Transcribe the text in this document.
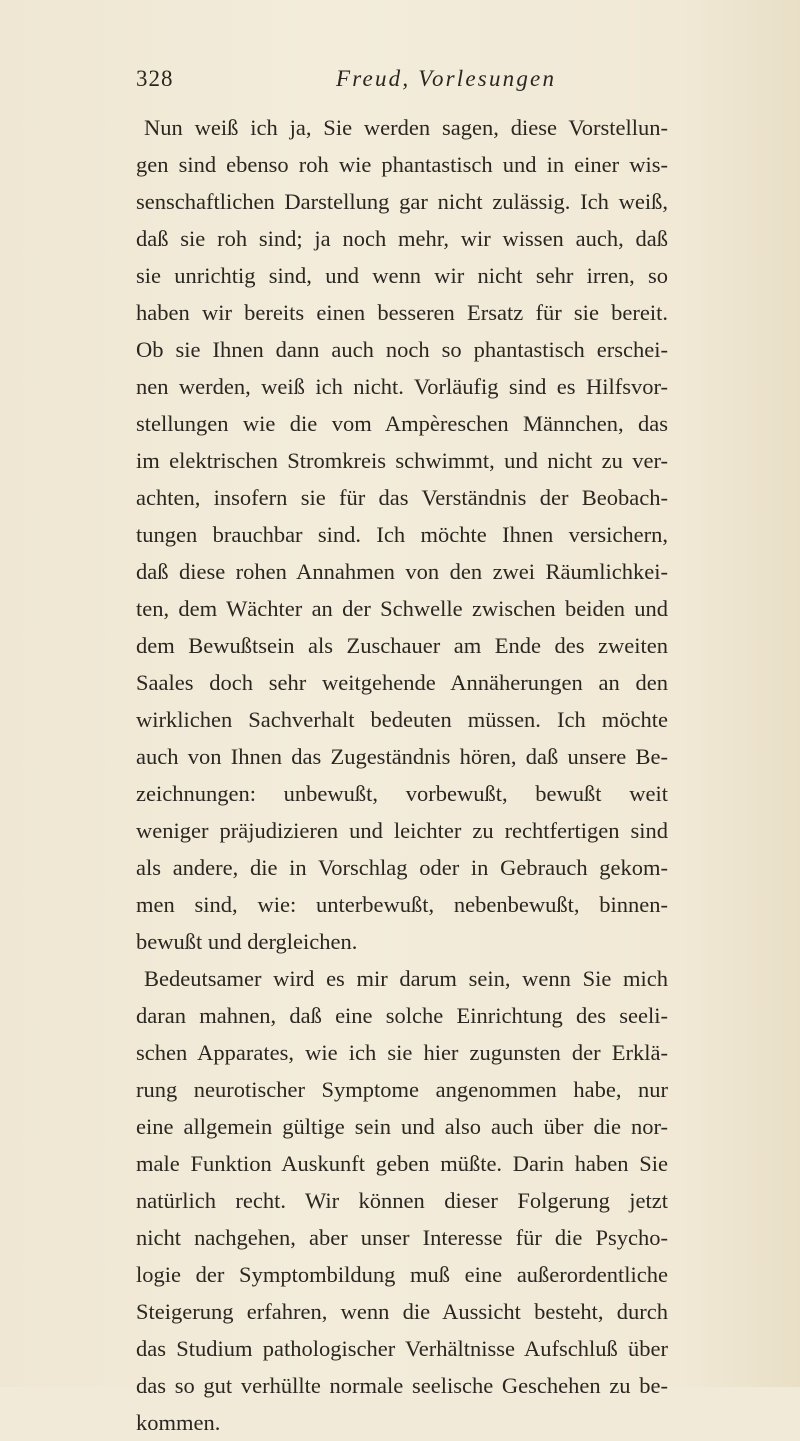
328	Freud, Vorlesungen
Nun weiß ich ja, Sie werden sagen, diese Vorstellun-
gen sind ebenso roh wie phantastisch und in einer wis-
senschaftlichen Darstellung gar nicht zulässig. Ich weiß,
daß sie roh sind; ja noch mehr, wir wissen auch, daß
sie unrichtig sind, und wenn wir nicht sehr irren, so
haben wir bereits einen besseren Ersatz für sie bereit.
Ob sie Ihnen dann auch noch so phantastisch erschei-
nen werden, weiß ich nicht. Vorläufig sind es Hilfsvor-
stellungen wie die vom Ampèreschen Männchen, das
im elektrischen Stromkreis schwimmt, und nicht zu ver-
achten, insofern sie für das Verständnis der Beobach-
tungen brauchbar sind. Ich möchte Ihnen versichern,
daß diese rohen Annahmen von den zwei Räumlichkei-
ten, dem Wächter an der Schwelle zwischen beiden und
dem Bewußtsein als Zuschauer am Ende des zweiten
Saales doch sehr weitgehende Annäherungen an den
wirklichen Sachverhalt bedeuten müssen. Ich möchte
auch von Ihnen das Zugeständnis hören, daß unsere Be-
zeichnungen: unbewußt, vorbewußt, bewußt weit
weniger präjudizieren und leichter zu rechtfertigen sind
als andere, die in Vorschlag oder in Gebrauch gekom-
men sind, wie: unterbewußt, nebenbewußt, binnen-
bewußt und dergleichen.
Bedeutsamer wird es mir darum sein, wenn Sie mich
daran mahnen, daß eine solche Einrichtung des seeli-
schen Apparates, wie ich sie hier zugunsten der Erklä-
rung neurotischer Symptome angenommen habe, nur
eine allgemein gültige sein und also auch über die nor-
male Funktion Auskunft geben müßte. Darin haben Sie
natürlich recht. Wir können dieser Folgerung jetzt
nicht nachgehen, aber unser Interesse für die Psycho-
logie der Symptombildung muß eine außerordentliche
Steigerung erfahren, wenn die Aussicht besteht, durch
das Studium pathologischer Verhältnisse Aufschluß über
das so gut verhüllte normale seelische Geschehen zu be-
kommen.
